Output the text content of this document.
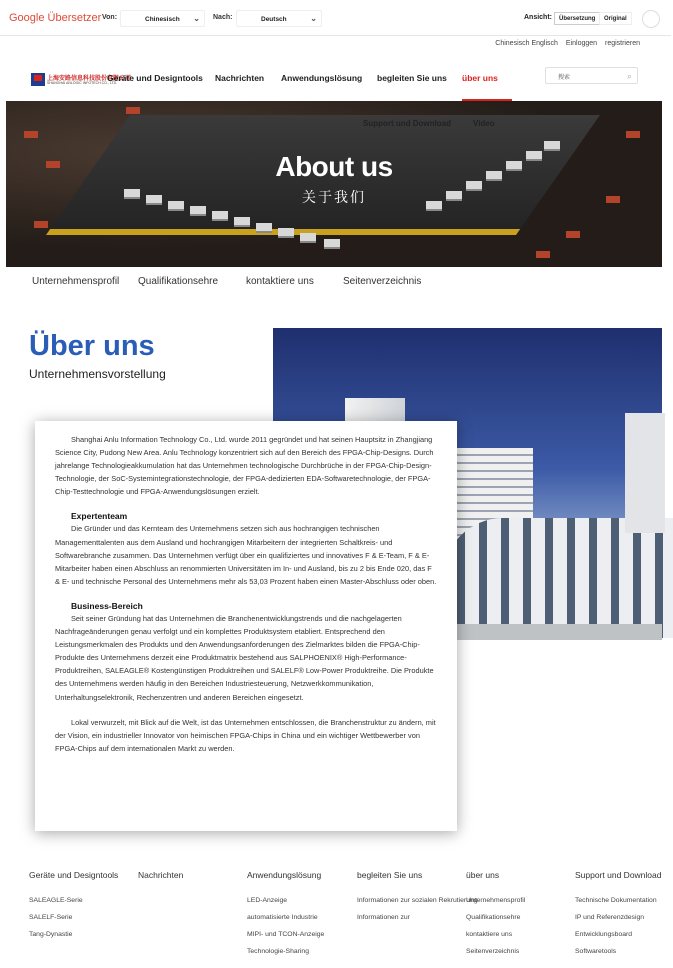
Google Übersetzer Von:	Chinesisch ⌄ Nach:	Deutsch	⌄	Ansicht:	Übersetzung	Original
Chinesisch Englisch Einloggen registrieren
上海安路信息科技股份有限公司
SHANGHAI ANLOGIC INFOTECH CO., LTD.
Geräte und Designtools Nachrichten Anwendungslösung begleiten Sie uns über uns	搜索	⌕
Support und Download	Video
About us
关于我们
Unternehmensprofil Qualifikationsehre	kontaktiere uns	Seitenverzeichnis
Über uns
Unternehmensvorstellung

Shanghai Anlu Information Technology Co., Ltd. wurde 2011 gegründet und hat seinen Hauptsitz in Zhangjiang Science City, Pudong New Area. Anlu Technology konzentriert sich auf den Bereich des FPGA-Chip-Designs. Durch jahrelange Technologieakkumulation hat das Unternehmen technologische Durchbrüche in der FPGA-Chip-Design-Technologie, der SoC-Systemintegrationstechnologie, der FPGA-dedizierten EDA-Softwaretechnologie, der FPGA-Chip-Testtechnologie und FPGA-Anwendungslösungen erzielt.

Expertenteam

Die Gründer und das Kernteam des Unternehmens setzen sich aus hochrangigen technischen Managementtalenten aus dem Ausland und hochrangigen Mitarbeitern der integrierten Schaltkreis- und Softwarebranche zusammen. Das Unternehmen verfügt über ein qualifiziertes und innovatives F & E-Team, F & E-Mitarbeiter haben einen Abschluss an renommierten Universitäten im In- und Ausland, bis zu 2 bis Ende 020, das F & E- und technische Personal des Unternehmens mehr als 53,03 Prozent haben einen Master-Abschluss oder oben.

Business-Bereich

Seit seiner Gründung hat das Unternehmen die Branchenentwicklungstrends und die nachgelagerten Nachfrageänderungen genau verfolgt und ein komplettes Produktsystem etabliert. Entsprechend den Leistungsmerkmalen des Produkts und den Anwendungsanforderungen des Zielmarktes bilden die FPGA-Chip-Produkte des Unternehmens derzeit eine Produktmatrix bestehend aus SALPHOENIX® High-Performance-Produktreihen, SALEAGLE® Kostengünstigen Produktreihen und SALELF® Low-Power Produktreihe. Die Produkte des Unternehmens werden häufig in den Bereichen Industriesteuerung, Netzwerkkommunikation, Unterhaltungselektronik, Rechenzentren und anderen Bereichen eingesetzt.

Lokal verwurzelt, mit Blick auf die Welt, ist das Unternehmen entschlossen, die Branchenstruktur zu ändern, mit der Vision, ein industrieller Innovator von heimischen FPGA-Chips in China und ein wichtiger Wettbewerber von FPGA-Chips auf dem internationalen Markt zu werden.

Geräte und Designtools
SALEAGLE-Serie
SALELF-Serie
Tang-Dynastie
Nachrichten	Anwendungslösung
LED-Anzeige
automatisierte Industrie
MIPI- und TCON-Anzeige
Technologie-Sharing
begleiten Sie uns
Informationen zur sozialen Rekrutierung
Informationen zur
über uns
Unternehmensprofil
Qualifikationsehre
kontaktiere uns
Seitenverzeichnis
Support und Download
Technische Dokumentation
IP und Referenzdesign
Entwicklungsboard
Softwaretools
